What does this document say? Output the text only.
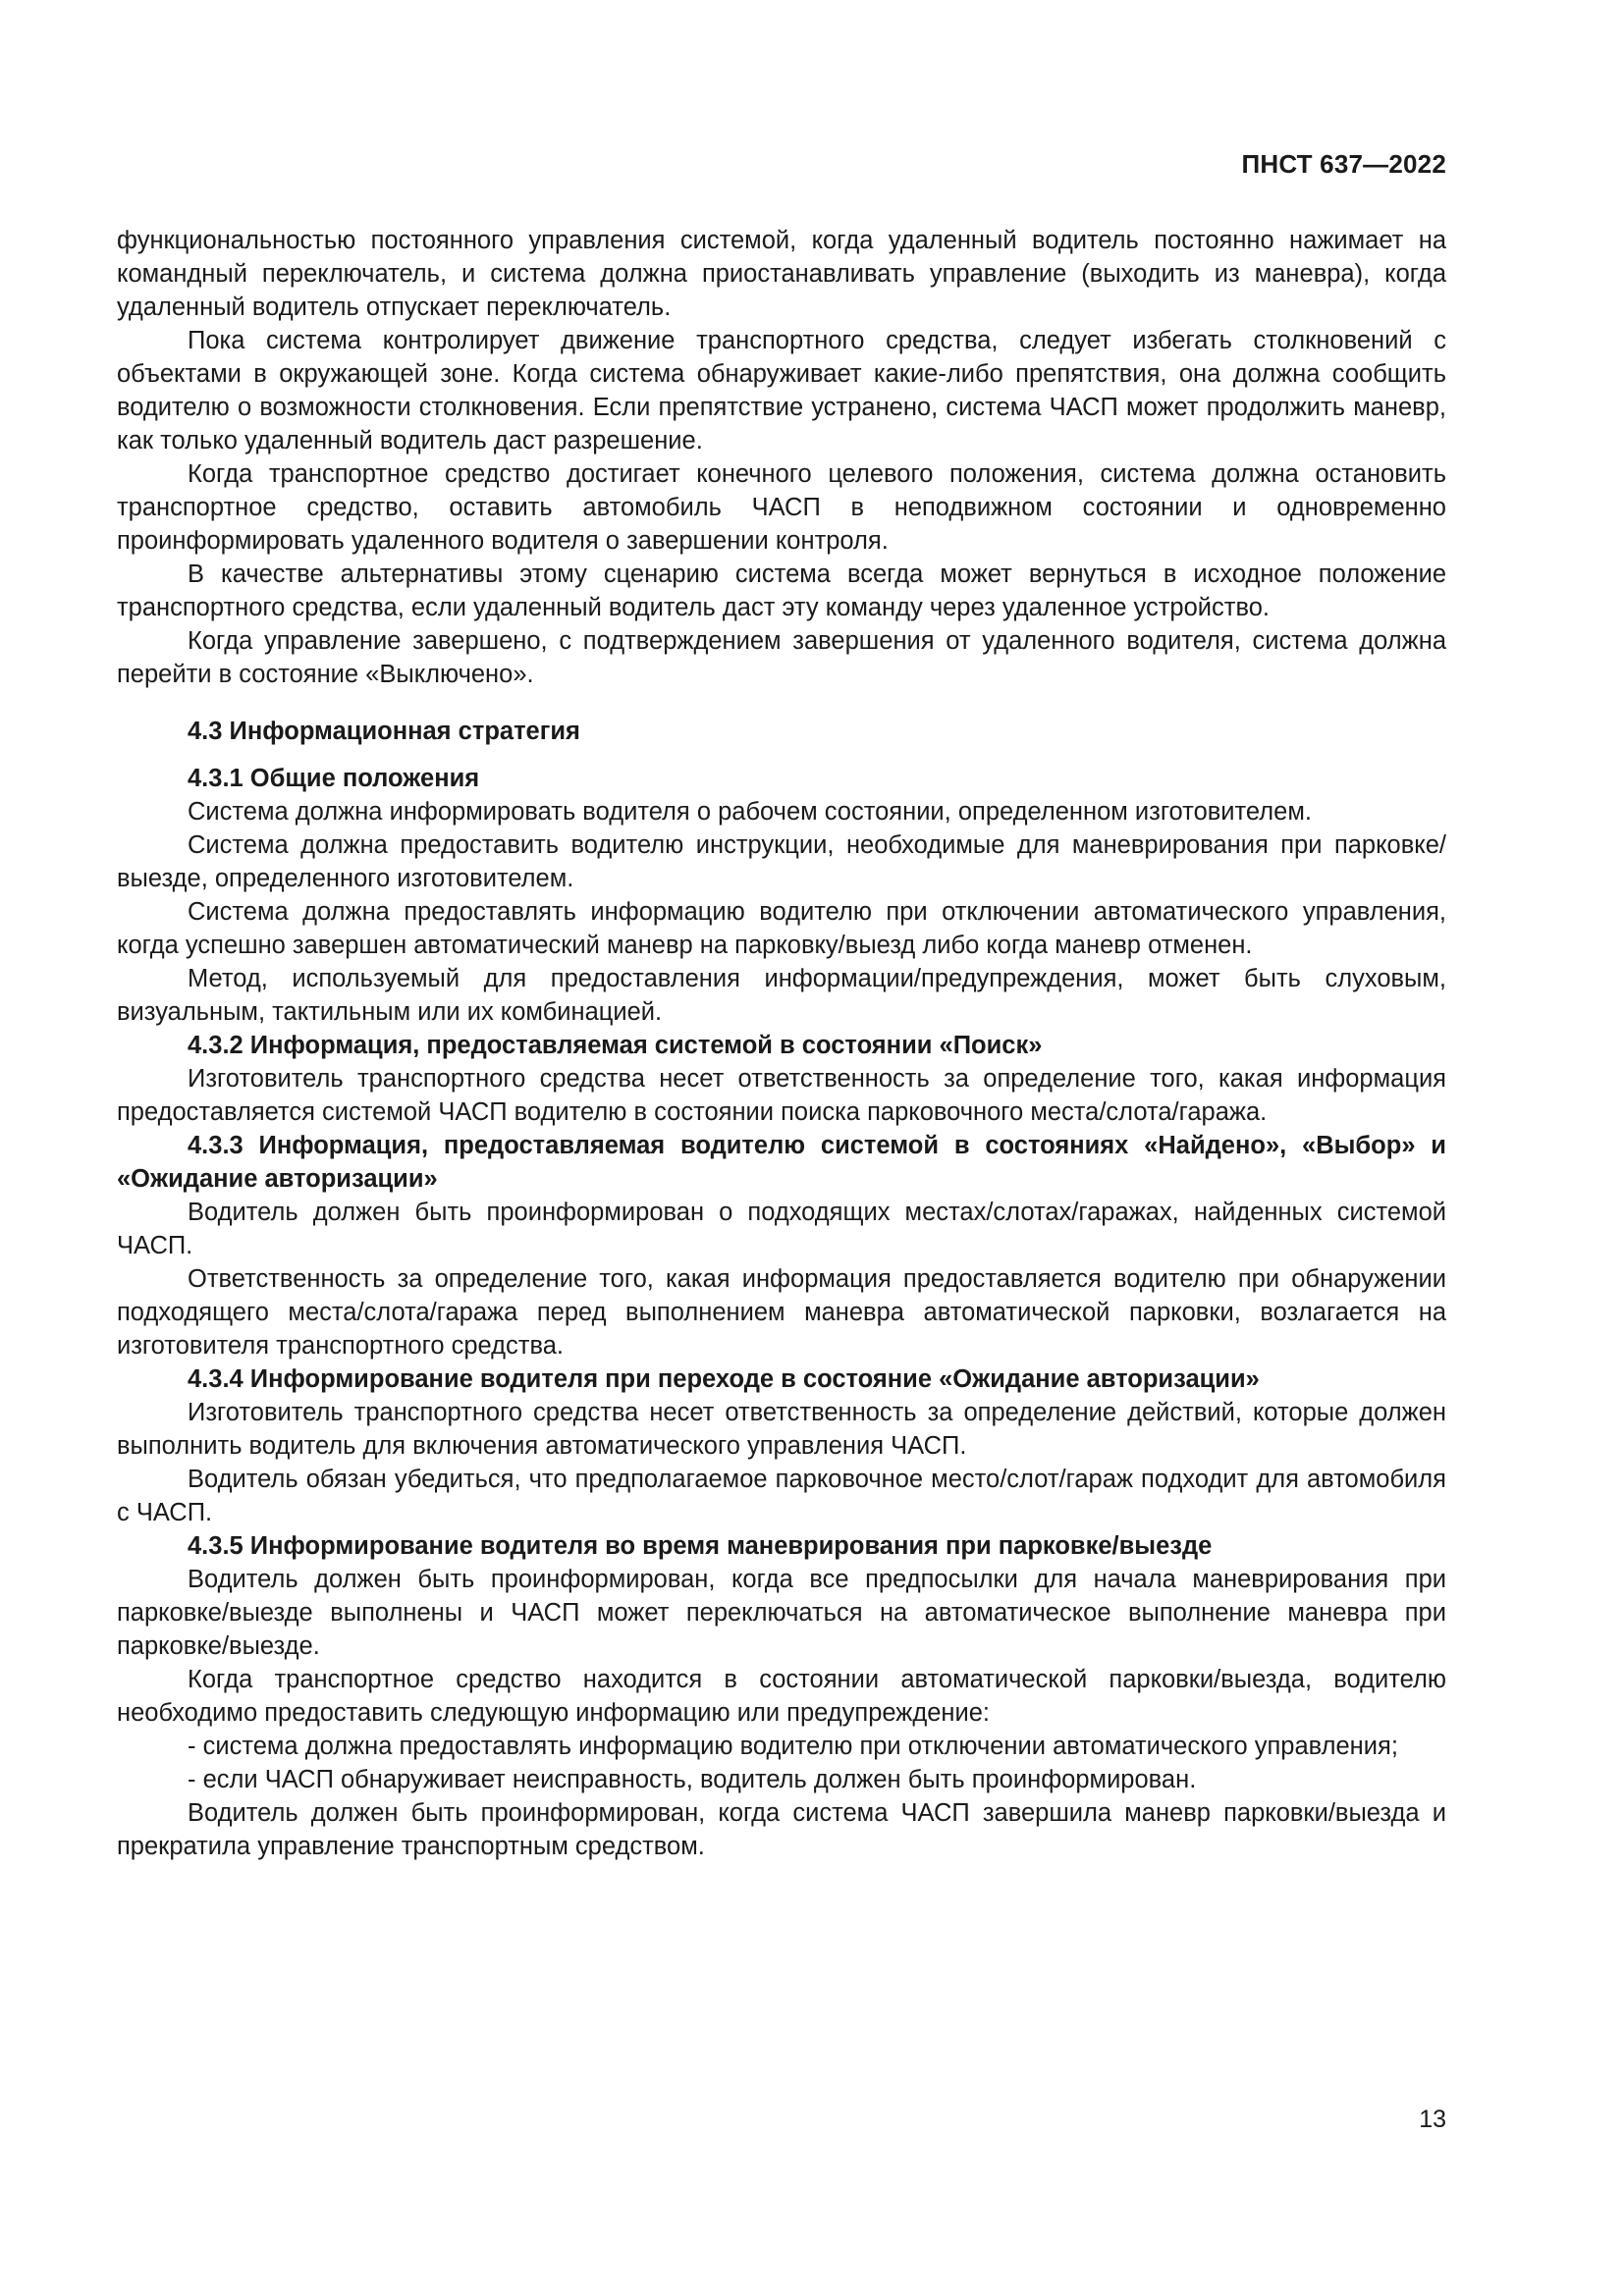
ПНСТ 637—2022

функциональностью постоянного управления системой, когда удаленный водитель постоянно нажимает на командный переключатель, и система должна приостанавливать управление (выходить из маневра), когда удаленный водитель отпускает переключатель.

Пока система контролирует движение транспортного средства, следует избегать столкновений с объектами в окружающей зоне. Когда система обнаруживает какие-либо препятствия, она должна сообщить водителю о возможности столкновения. Если препятствие устранено, система ЧАСП может продолжить маневр, как только удаленный водитель даст разрешение.

Когда транспортное средство достигает конечного целевого положения, система должна остановить транспортное средство, оставить автомобиль ЧАСП в неподвижном состоянии и одновременно проинформировать удаленного водителя о завершении контроля.

В качестве альтернативы этому сценарию система всегда может вернуться в исходное положение транспортного средства, если удаленный водитель даст эту команду через удаленное устройство.

Когда управление завершено, с подтверждением завершения от удаленного водителя, система должна перейти в состояние «Выключено».

4.3 Информационная стратегия
4.3.1 Общие положения

Система должна информировать водителя о рабочем состоянии, определенном изготовителем.

Система должна предоставить водителю инструкции, необходимые для маневрирования при парковке/выезде, определенного изготовителем.

Система должна предоставлять информацию водителю при отключении автоматического управления, когда успешно завершен автоматический маневр на парковку/выезд либо когда маневр отменен.

Метод, используемый для предоставления информации/предупреждения, может быть слуховым, визуальным, тактильным или их комбинацией.

4.3.2 Информация, предоставляемая системой в состоянии «Поиск»

Изготовитель транспортного средства несет ответственность за определение того, какая информация предоставляется системой ЧАСП водителю в состоянии поиска парковочного места/слота/гаража.

4.3.3 Информация, предоставляемая водителю системой в состояниях «Найдено», «Выбор» и «Ожидание авторизации»

Водитель должен быть проинформирован о подходящих местах/слотах/гаражах, найденных системой ЧАСП.

Ответственность за определение того, какая информация предоставляется водителю при обнаружении подходящего места/слота/гаража перед выполнением маневра автоматической парковки, возлагается на изготовителя транспортного средства.

4.3.4 Информирование водителя при переходе в состояние «Ожидание авторизации»

Изготовитель транспортного средства несет ответственность за определение действий, которые должен выполнить водитель для включения автоматического управления ЧАСП.

Водитель обязан убедиться, что предполагаемое парковочное место/слот/гараж подходит для автомобиля с ЧАСП.

4.3.5 Информирование водителя во время маневрирования при парковке/выезде

Водитель должен быть проинформирован, когда все предпосылки для начала маневрирования при парковке/выезде выполнены и ЧАСП может переключаться на автоматическое выполнение маневра при парковке/выезде.

Когда транспортное средство находится в состоянии автоматической парковки/выезда, водителю необходимо предоставить следующую информацию или предупреждение:

- система должна предоставлять информацию водителю при отключении автоматического управления;

- если ЧАСП обнаруживает неисправность, водитель должен быть проинформирован.

Водитель должен быть проинформирован, когда система ЧАСП завершила маневр парковки/выезда и прекратила управление транспортным средством.

13
